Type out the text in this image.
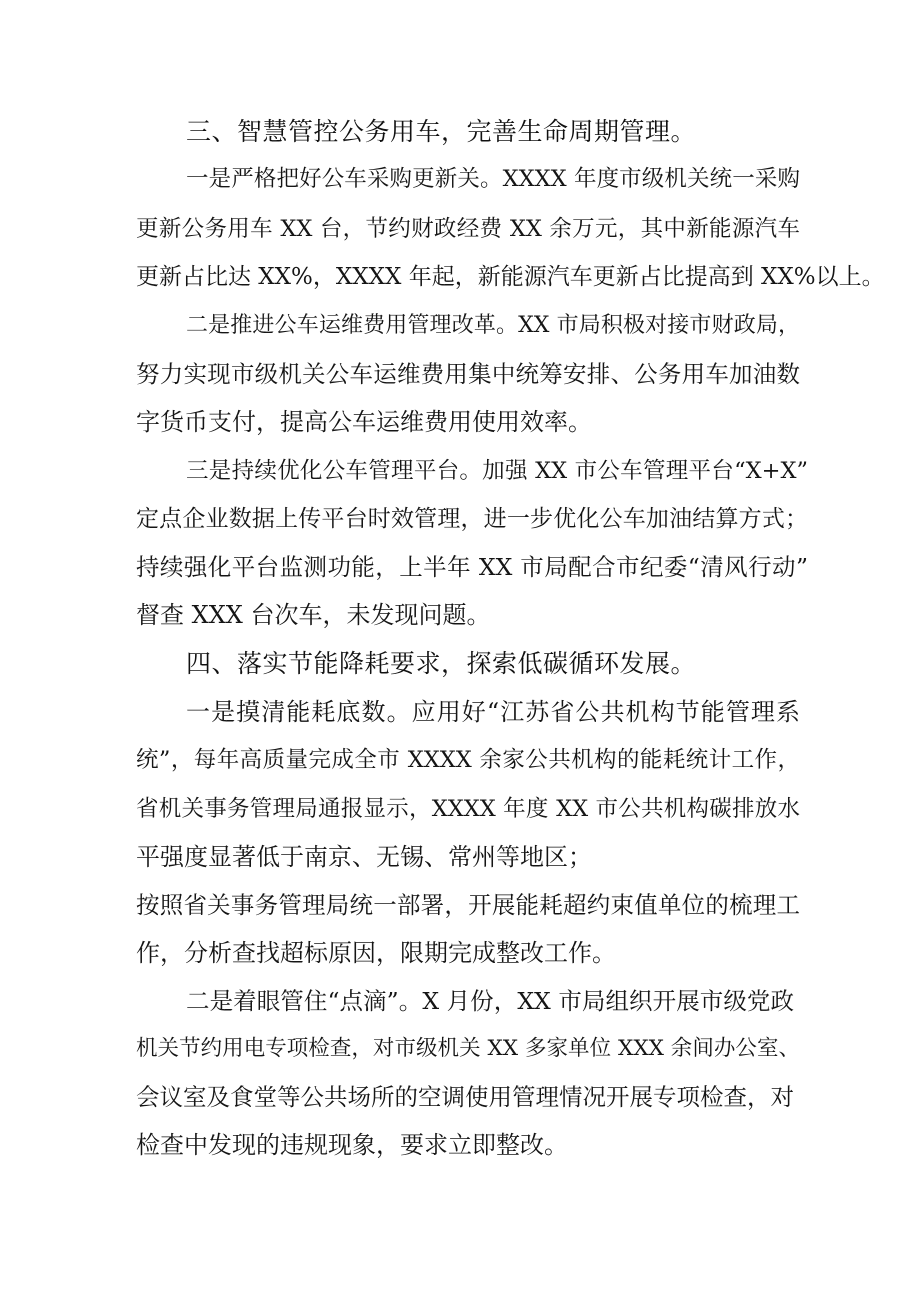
三、智慧管控公务用车，完善生命周期管理。
一是严格把好公车采购更新关。XXXX 年度市级机关统一采购
更新公务用车 XX 台，节约财政经费 XX 余万元，其中新能源汽车
更新占比达 XX%，XXXX 年起，新能源汽车更新占比提高到 XX%以上。
二是推进公车运维费用管理改革。XX 市局积极对接市财政局，
努力实现市级机关公车运维费用集中统筹安排、公务用车加油数
字货币支付，提高公车运维费用使用效率。
三是持续优化公车管理平台。加强 XX 市公车管理平台“X+X”
定点企业数据上传平台时效管理，进一步优化公车加油结算方式；
持续强化平台监测功能，上半年 XX 市局配合市纪委“清风行动”
督查 XXX 台次车，未发现问题。
四、落实节能降耗要求，探索低碳循环发展。
一是摸清能耗底数。应用好“江苏省公共机构节能管理系
统”，每年高质量完成全市 XXXX 余家公共机构的能耗统计工作，
省机关事务管理局通报显示，XXXX 年度 XX 市公共机构碳排放水
平强度显著低于南京、无锡、常州等地区；
按照省关事务管理局统一部署，开展能耗超约束值单位的梳理工
作，分析查找超标原因，限期完成整改工作。
二是着眼管住“点滴”。X 月份，XX 市局组织开展市级党政
机关节约用电专项检查，对市级机关 XX 多家单位 XXX 余间办公室、
会议室及食堂等公共场所的空调使用管理情况开展专项检查，对
检查中发现的违规现象，要求立即整改。
